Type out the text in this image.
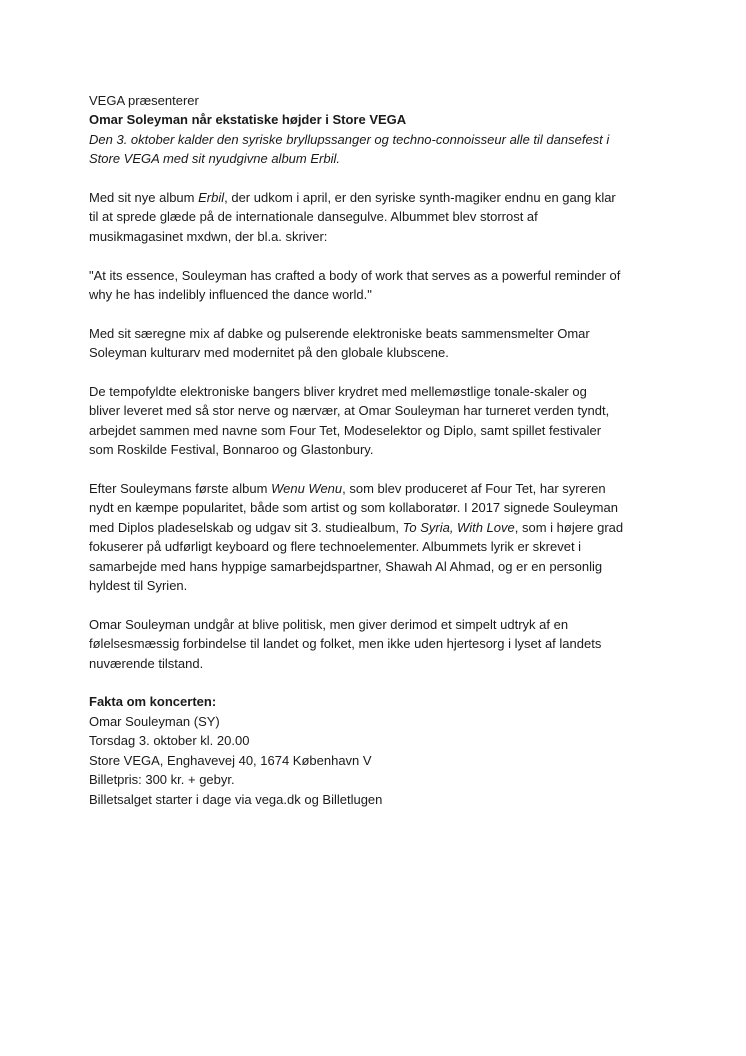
VEGA præsenterer
Omar Soleyman når ekstatiske højder i Store VEGA
Den 3. oktober kalder den syriske bryllupssanger og techno-connoisseur alle til dansefest i
Store VEGA med sit nyudgivne album Erbil.
Med sit nye album Erbil, der udkom i april, er den syriske synth-magiker endnu en gang klar
til at sprede glæde på de internationale dansegulve. Albummet blev storrost af
musikmagasinet mxdwn, der bl.a. skriver:
"At its essence, Souleyman has crafted a body of work that serves as a powerful reminder of
why he has indelibly influenced the dance world."
Med sit særegne mix af dabke og pulserende elektroniske beats sammensmelter Omar
Soleyman kulturarv med modernitet på den globale klubscene.
De tempofyldte elektroniske bangers bliver krydret med mellemøstlige tonale-skaler og
bliver leveret med så stor nerve og nærvær, at Omar Souleyman har turneret verden tyndt,
arbejdet sammen med navne som Four Tet, Modeselektor og Diplo, samt spillet festivaler
som Roskilde Festival, Bonnaroo og Glastonbury.
Efter Souleymans første album Wenu Wenu, som blev produceret af Four Tet, har syreren
nydt en kæmpe popularitet, både som artist og som kollaboratør. I 2017 signede Souleyman
med Diplos pladeselskab og udgav sit 3. studiealbum, To Syria, With Love, som i højere grad
fokuserer på udførligt keyboard og flere technoelementer. Albummets lyrik er skrevet i
samarbejde med hans hyppige samarbejdspartner, Shawah Al Ahmad, og er en personlig
hyldest til Syrien.
Omar Souleyman undgår at blive politisk, men giver derimod et simpelt udtryk af en
følelsesmæssig forbindelse til landet og folket, men ikke uden hjertesorg i lyset af landets
nuværende tilstand.
Fakta om koncerten:
Omar Souleyman (SY)
Torsdag 3. oktober kl. 20.00
Store VEGA, Enghavevej 40, 1674 København V
Billetpris: 300 kr. + gebyr.
Billetsalget starter i dage via vega.dk og Billetlugen
